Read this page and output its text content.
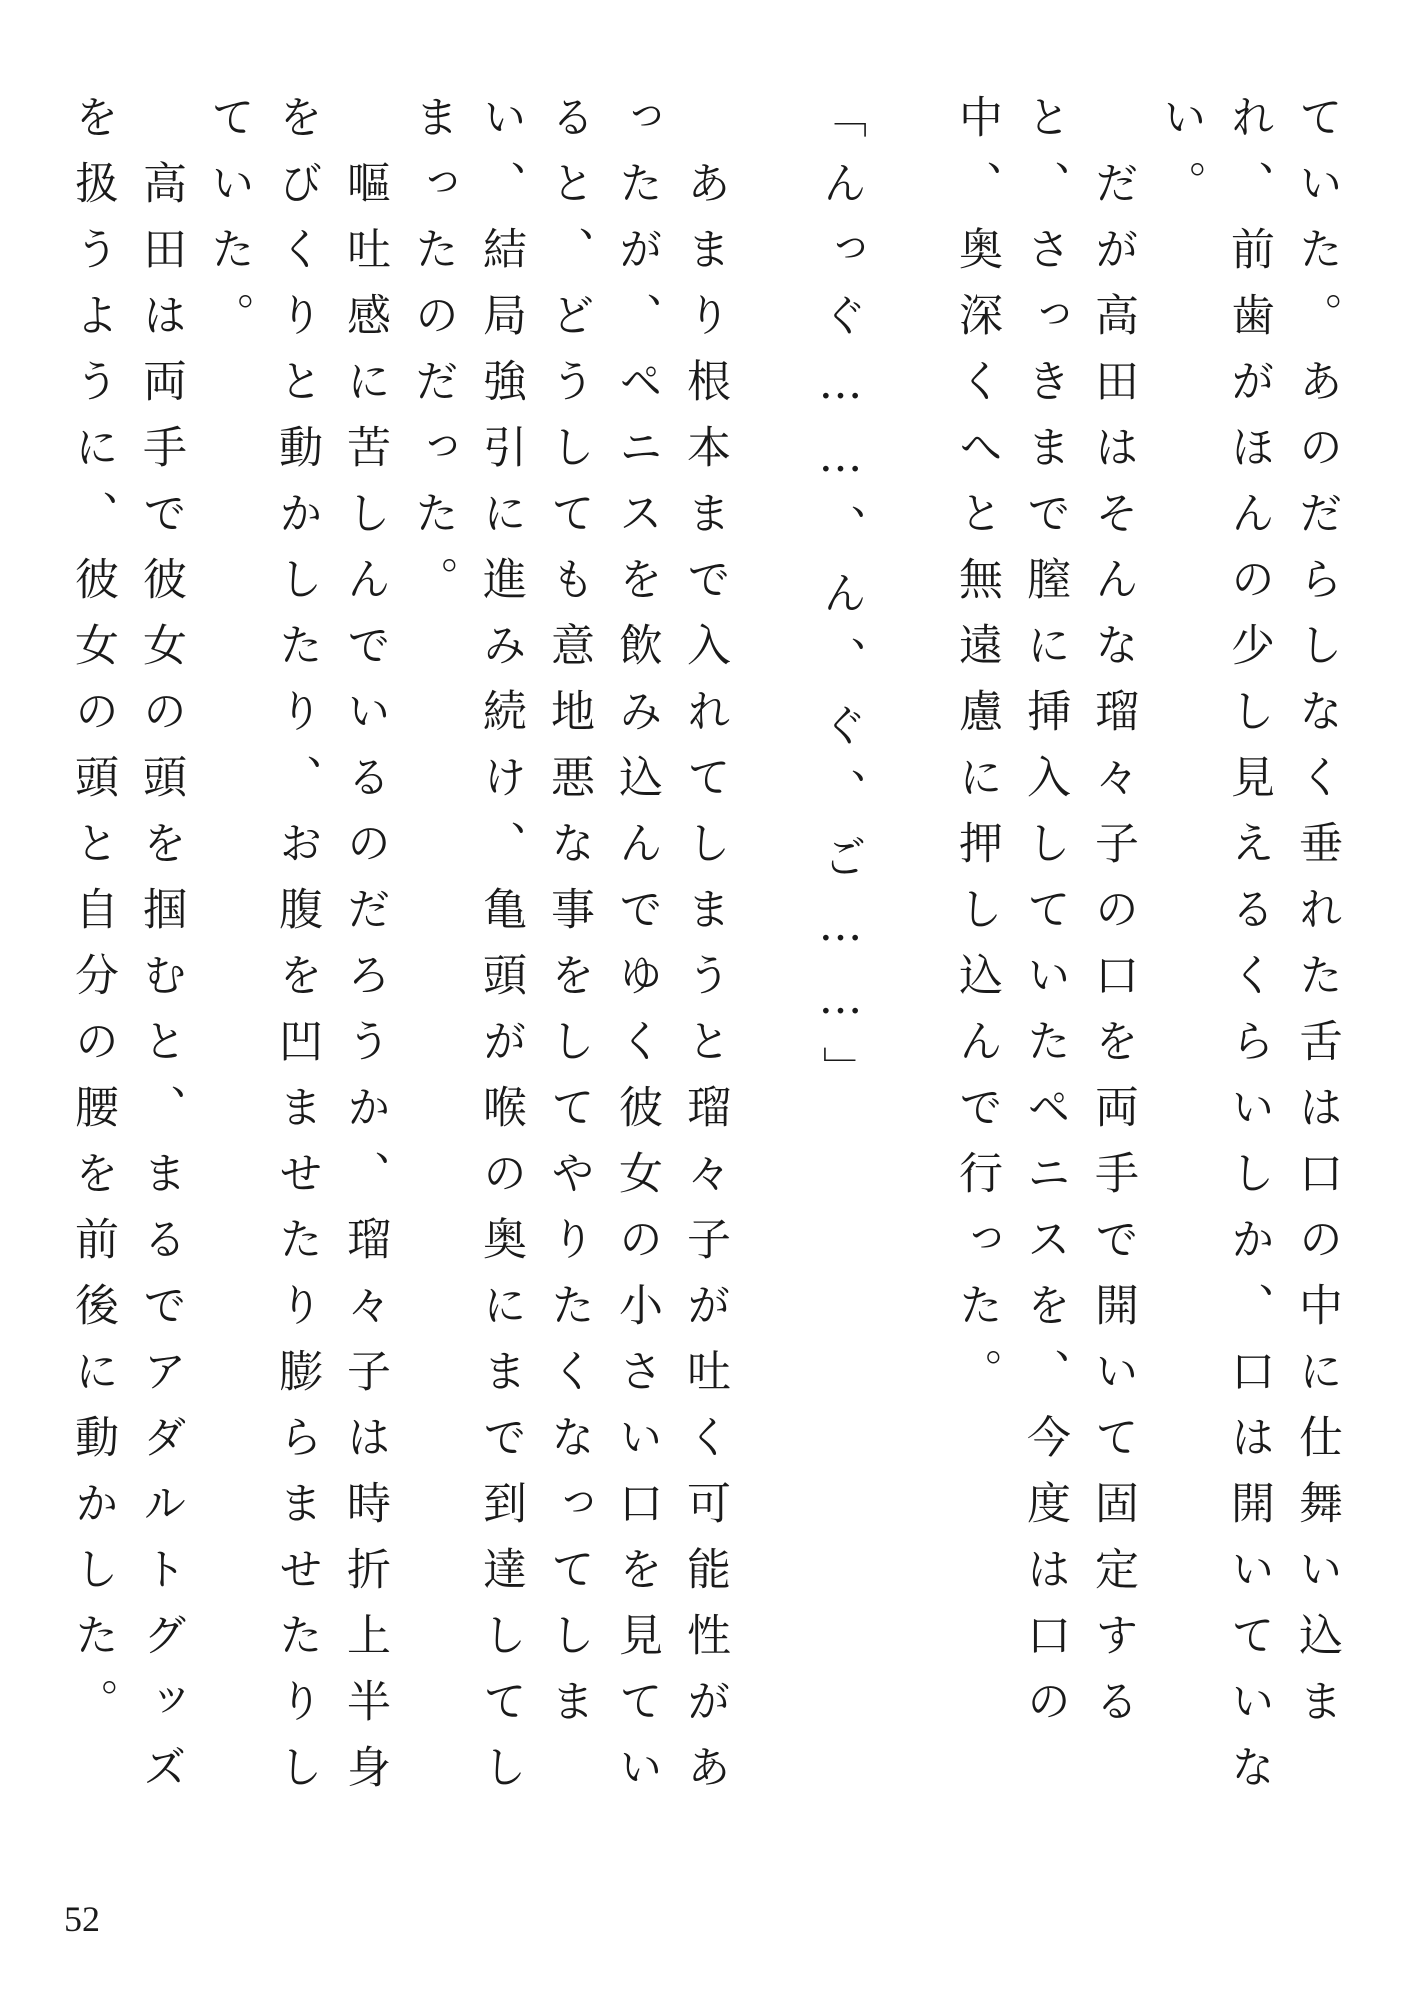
ていた。あのだらしなく垂れた舌は口の中に仕舞い込まれ、前歯がほんの少し見えるくらいしか、口は開いていない。

　だが高田はそんな瑠々子の口を両手で開いて固定すると、さっきまで膣に挿入していたペニスを、今度は口の中、奥深くへと無遠慮に押し込んで行った。

「んっぐ……、ん、ぐ、ご……」

　あまり根本まで入れてしまうと瑠々子が吐く可能性があったが、ペニスを飲み込んでゆく彼女の小さい口を見ていると、どうしても意地悪な事をしてやりたくなってしまい、結局強引に進み続け、亀頭が喉の奥にまで到達してしまったのだった。

　嘔吐感に苦しんでいるのだろうか、瑠々子は時折上半身をびくりと動かしたり、お腹を凹ませたり膨らませたりしていた。

　高田は両手で彼女の頭を掴むと、まるでアダルトグッズを扱うように、彼女の頭と自分の腰を前後に動かした。

52
